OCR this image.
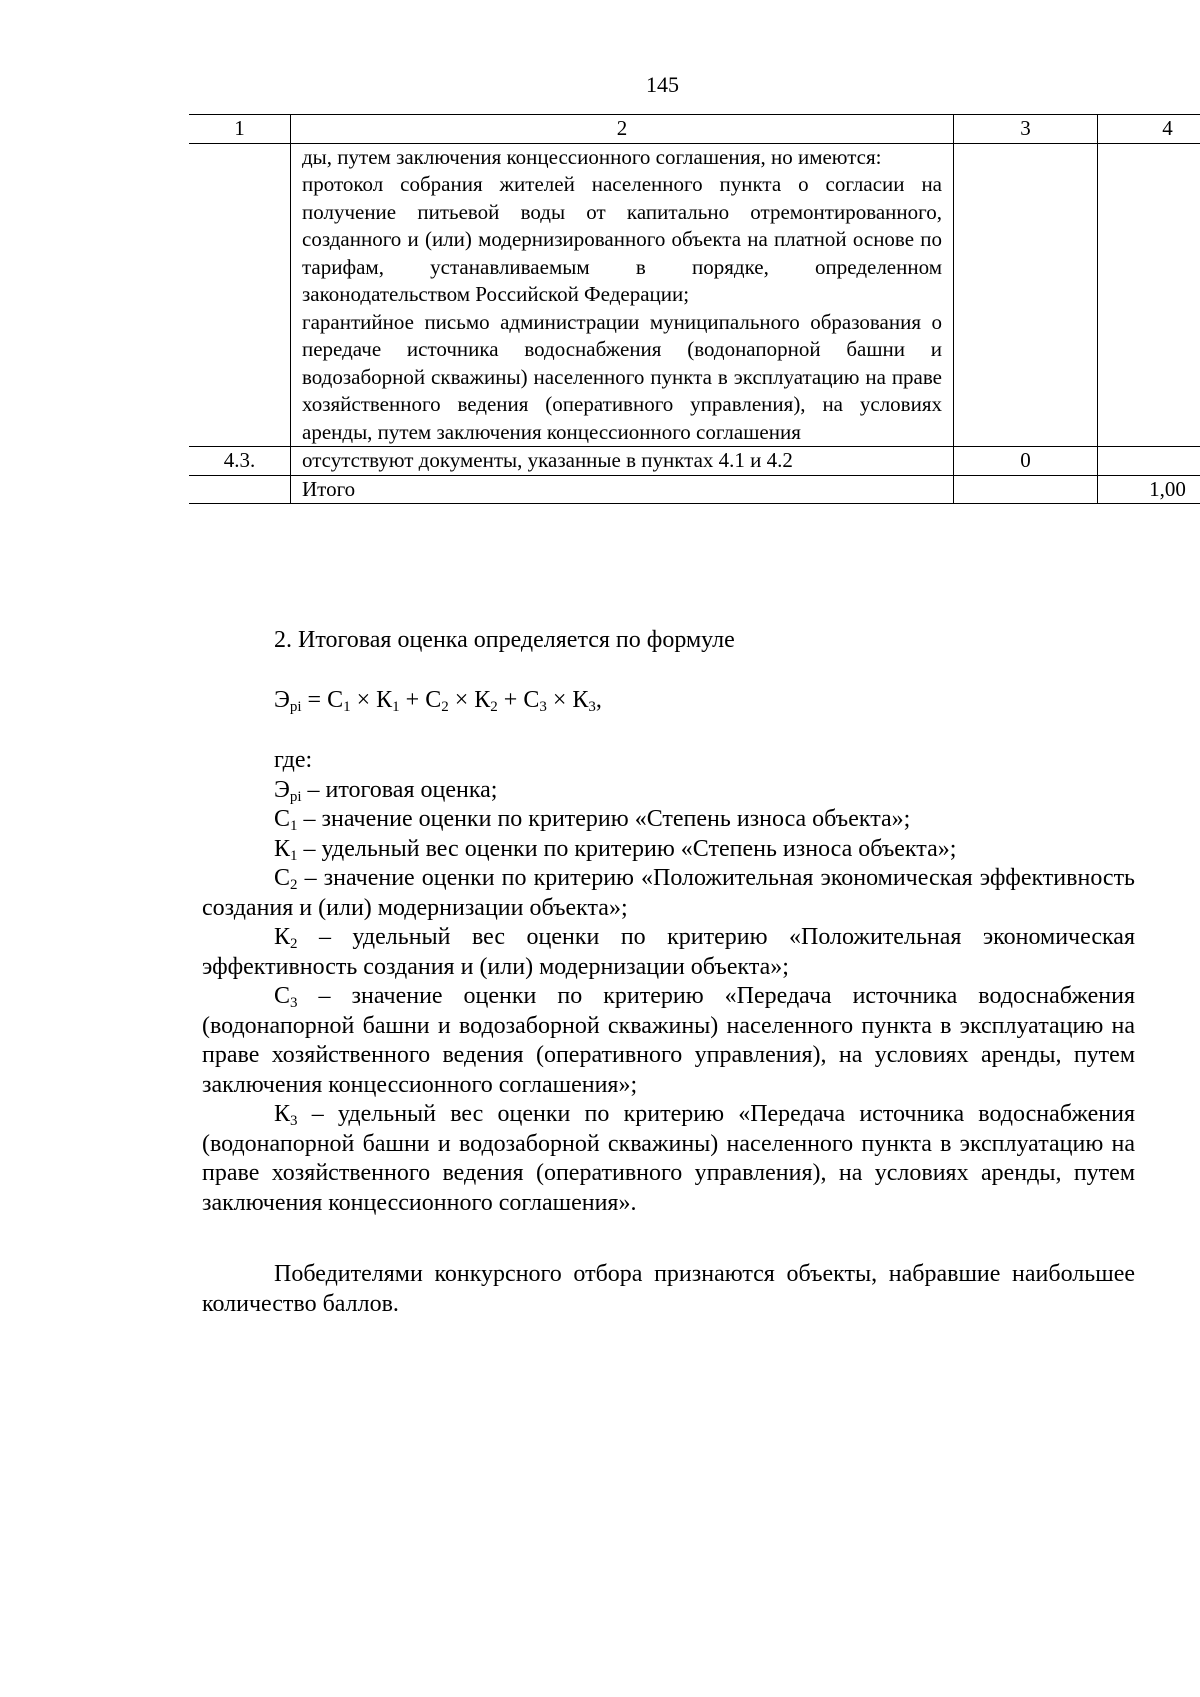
145
1	2	3	4

	ды, путем заключения концессионного соглашения, но имеются:
протокол собрания жителей населенного пункта о согласии на получение питьевой воды от капитально отремонтированного, созданного и (или) модернизированного объекта на платной основе по тарифам, устанавливаемым в порядке, определенном законодательством Российской Федерации;
гарантийное письмо администрации муниципального образования о передаче источника водоснабжения (водонапорной башни и водозаборной скважины) населенного пункта в эксплуатацию на праве хозяйственного ведения (оперативного управления), на условиях аренды, путем заключения концессионного соглашения		

4.3.	отсутствуют документы, указанные в пунктах 4.1 и 4.2	0	
	Итого		1,00
2. Итоговая оценка определяется по формуле
$Э_{рi} = С_1 \times К_1 + С_2 \times К_2 + С_3 \times К_3$,
где:
$Э_{рi}$ – итоговая оценка;
$С_1$ – значение оценки по критерию «Степень износа объекта»;
$К_1$ – удельный вес оценки по критерию «Степень износа объекта»;
$С_2$ – значение оценки по критерию «Положительная экономическая эффективность создания и (или) модернизации объекта»;
$К_2$ – удельный вес оценки по критерию «Положительная экономическая эффективность создания и (или) модернизации объекта»;
$С_3$ – значение оценки по критерию «Передача источника водоснабжения (водонапорной башни и водозаборной скважины) населенного пункта в эксплуатацию на праве хозяйственного ведения (оперативного управления), на условиях аренды, путем заключения концессионного соглашения»;
$К_3$ – удельный вес оценки по критерию «Передача источника водоснабжения (водонапорной башни и водозаборной скважины) населенного пункта в эксплуатацию на праве хозяйственного ведения (оперативного управления), на условиях аренды, путем заключения концессионного соглашения».
Победителями конкурсного отбора признаются объекты, набравшие наибольшее количество баллов.
